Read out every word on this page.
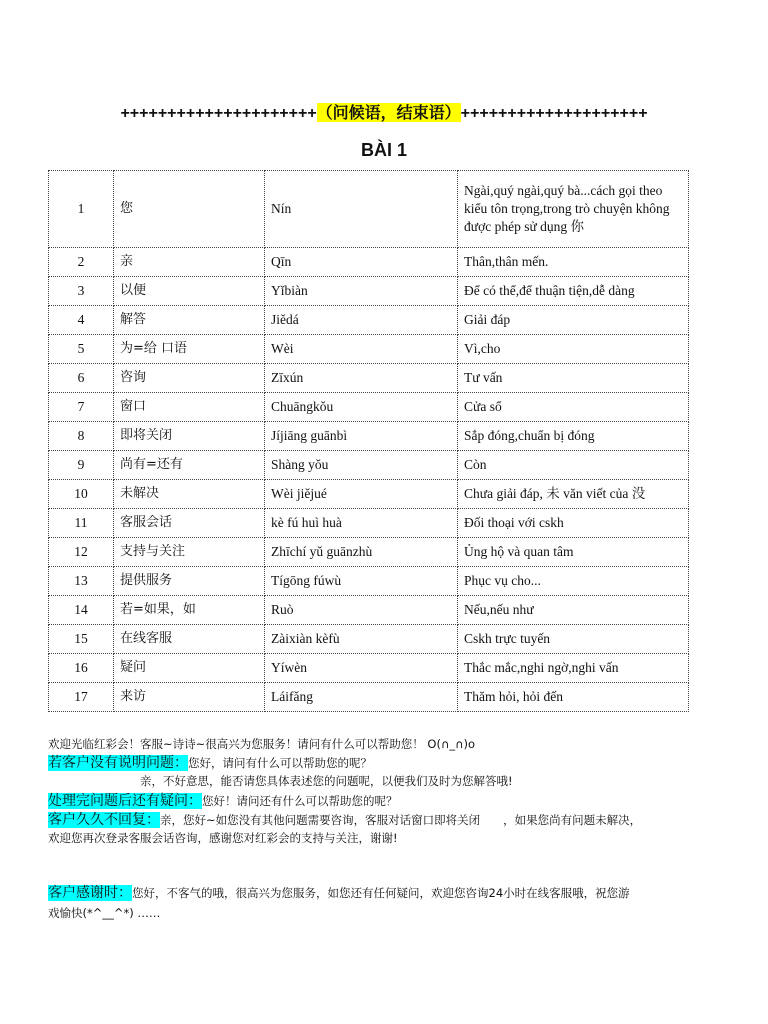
+++++++++++++++++++++（问候语，结束语）++++++++++++++++++++
BÀI 1
1	您	Nín	Ngài,quý ngài,quý bà...cách gọi theo kiểu tôn trọng,trong trò chuyện không được phép sử dụng 你
2	亲	Qīn	Thân,thân mến.
3	以便	Yǐbiàn	Để có thể,để thuận tiện,dễ dàng
4	解答	Jiědá	Giải đáp
5	为=给 口语	Wèi	Vì,cho
6	咨询	Zīxún	Tư vấn
7	窗口	Chuāngkǒu	Cửa sổ
8	即将关闭	Jíjiāng guānbì	Sắp đóng,chuẩn bị đóng
9	尚有=还有	Shàng yǒu	Còn
10	未解决	Wèi jiějué	Chưa giải đáp, 未 văn viết của 没
11	客服会话	kè fú huì huà	Đối thoại với cskh
12	支持与关注	Zhīchí yǔ guānzhù	Ủng hộ và quan tâm
13	提供服务	Tígōng fúwù	Phục vụ cho...
14	若=如果，如	Ruò	Nếu,nếu như
15	在线客服	Zàixiàn kèfù	Cskh trực tuyến
16	疑问	Yíwèn	Thắc mắc,nghi ngờ,nghi vấn
17	来访	Láifǎng	Thăm hỏi, hỏi đến
欢迎光临红彩会！客服~诗诗~很高兴为您服务！请问有什么可以帮助您！ O(∩_∩)o
若客户没有说明问题：您好，请问有什么可以帮助您的呢？
亲，不好意思，能否请您具体表述您的问题呢，以便我们及时为您解答哦!
处理完问题后还有疑问：您好！请问还有什么可以帮助您的呢？
客户久久不回复：亲，您好~如您没有其他问题需要咨询，客服对话窗口即将关闭　　，如果您尚有问题未解决，
欢迎您再次登录客服会话咨询，感谢您对红彩会的支持与关注，谢谢!
客户感谢时：您好，不客气的哦，很高兴为您服务，如您还有任何疑问，欢迎您咨询24小时在线客服哦，祝您游
戏愉快(*^__^*) ……
